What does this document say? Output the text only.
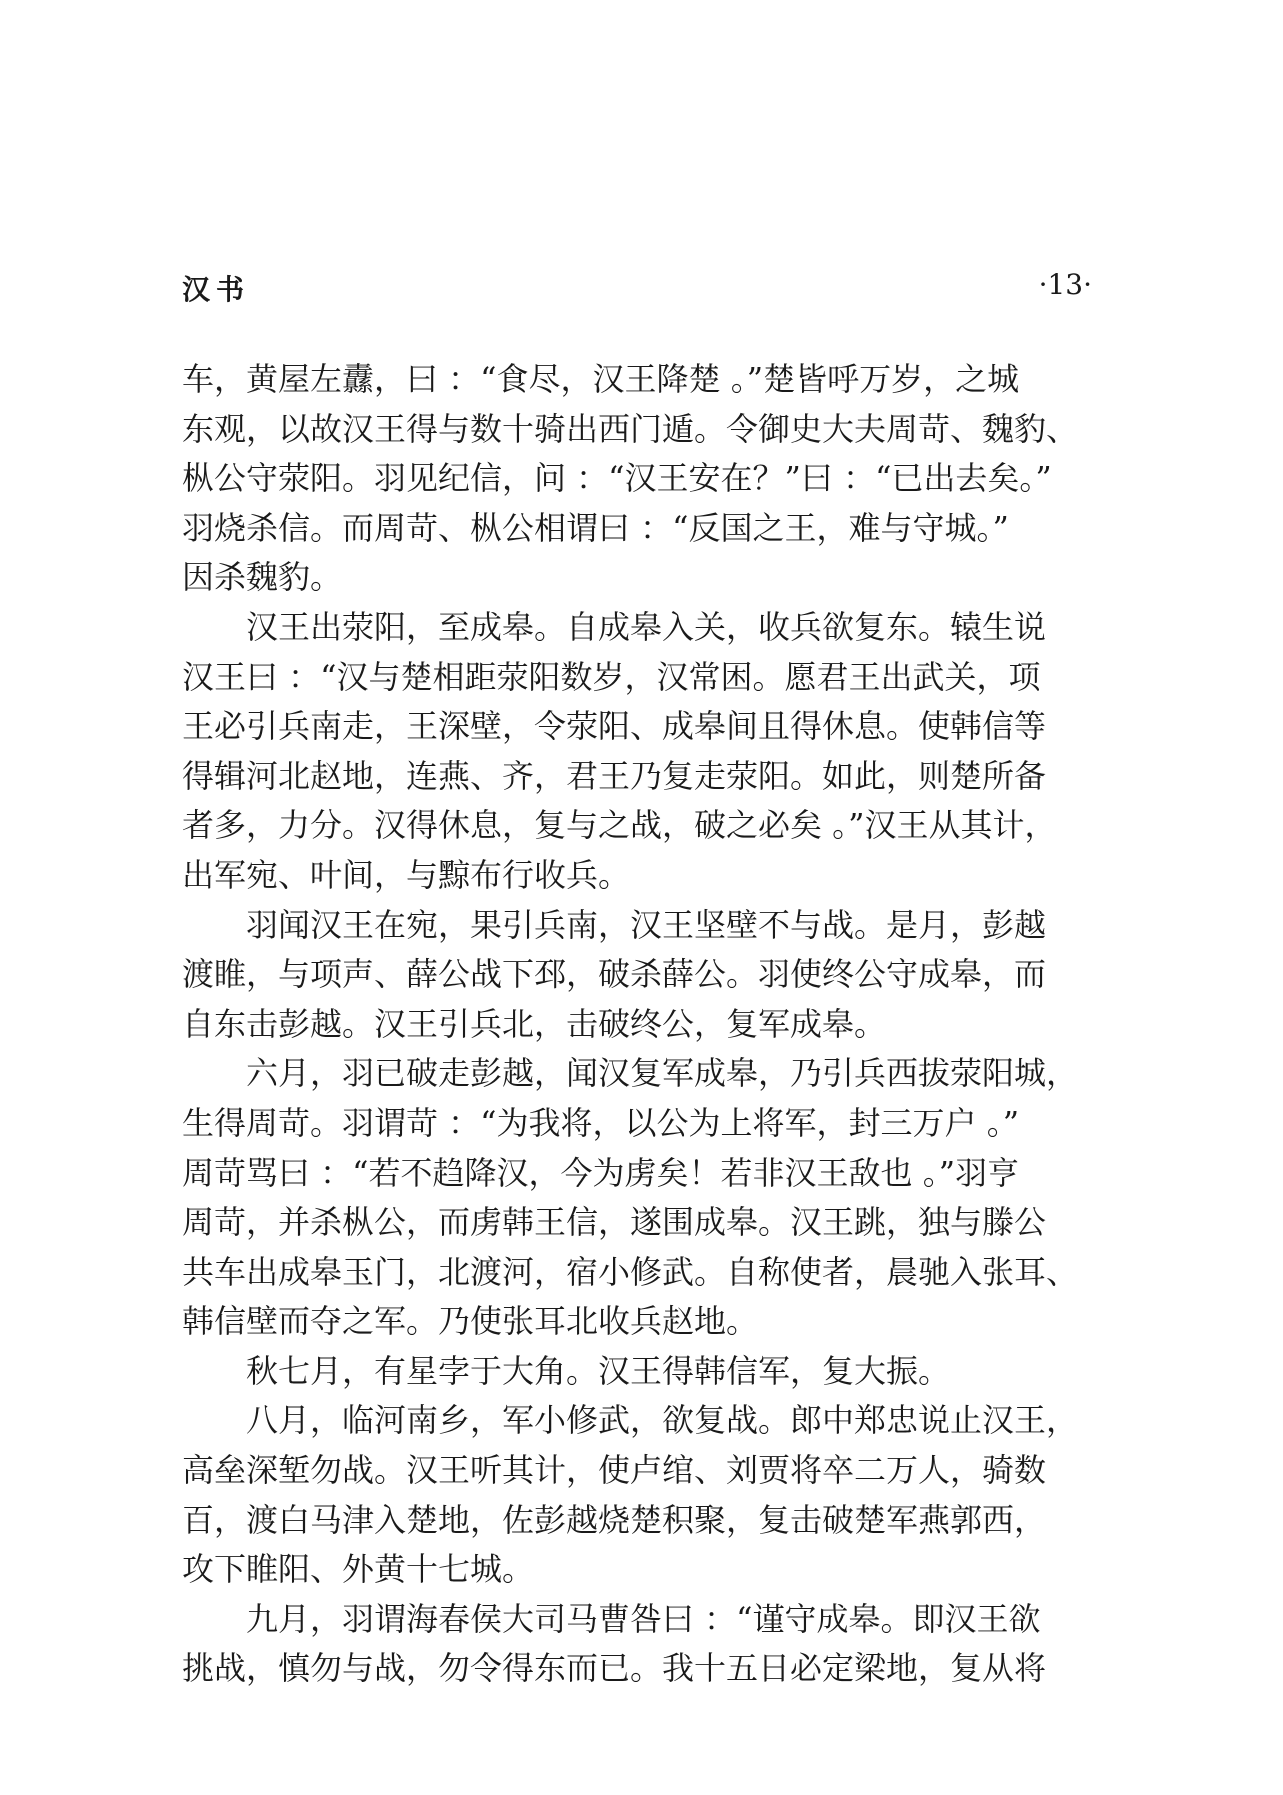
汉书	·13·
车，黄屋左纛，曰 ：“食尽，汉王降楚 。”楚皆呼万岁，之城
东观，以故汉王得与数十骑出西门遁。令御史大夫周苛、魏豹、
枞公守荥阳。羽见纪信，问 ：“汉王安在？”曰 ：“已出去矣。”
羽烧杀信。而周苛、枞公相谓曰 ：“反国之王，难与守城。”
因杀魏豹。
汉王出荥阳，至成皋。自成皋入关，收兵欲复东。辕生说
汉王曰 ：“汉与楚相距荥阳数岁，汉常困。愿君王出武关，项
王必引兵南走，王深壁，令荥阳、成皋间且得休息。使韩信等
得辑河北赵地，连燕、齐，君王乃复走荥阳。如此，则楚所备
者多，力分。汉得休息，复与之战，破之必矣 。”汉王从其计，
出军宛、叶间，与黥布行收兵。
羽闻汉王在宛，果引兵南，汉王坚壁不与战。是月，彭越
渡睢，与项声、薛公战下邳，破杀薛公。羽使终公守成皋，而
自东击彭越。汉王引兵北，击破终公，复军成皋。
六月，羽已破走彭越，闻汉复军成皋，乃引兵西拔荥阳城，
生得周苛。羽谓苛 ：“为我将，以公为上将军，封三万户 。”
周苛骂曰 ：“若不趋降汉，今为虏矣！若非汉王敌也 。”羽亨
周苛，并杀枞公，而虏韩王信，遂围成皋。汉王跳，独与滕公
共车出成皋玉门，北渡河，宿小修武。自称使者，晨驰入张耳、
韩信壁而夺之军。乃使张耳北收兵赵地。
秋七月，有星孛于大角。汉王得韩信军，复大振。
八月，临河南乡，军小修武，欲复战。郎中郑忠说止汉王，
高垒深堑勿战。汉王听其计，使卢绾、刘贾将卒二万人，骑数
百，渡白马津入楚地，佐彭越烧楚积聚，复击破楚军燕郭西，
攻下睢阳、外黄十七城。
九月，羽谓海春侯大司马曹咎曰 ：“谨守成皋。即汉王欲
挑战，慎勿与战，勿令得东而已。我十五日必定梁地，复从将
